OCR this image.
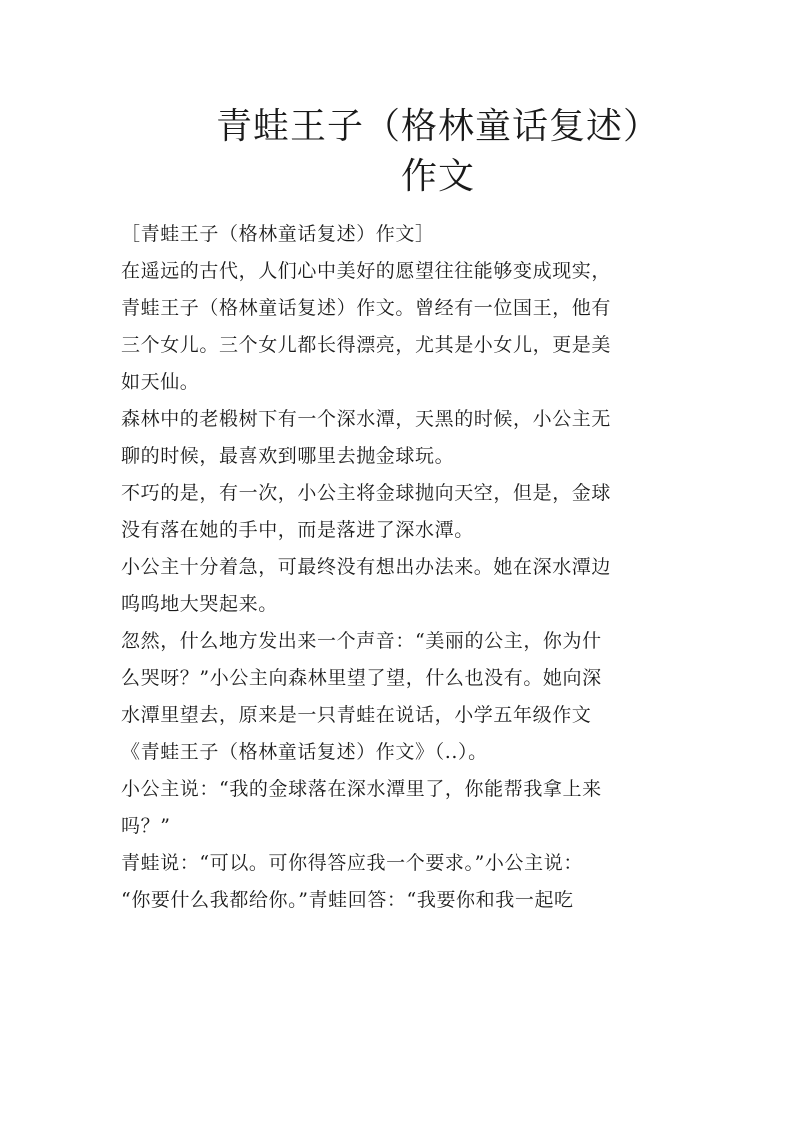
青蛙王子（格林童话复述）
作文
［青蛙王子（格林童话复述）作文］
在遥远的古代，人们心中美好的愿望往往能够变成现实，
青蛙王子（格林童话复述）作文。曾经有一位国王，他有
三个女儿。三个女儿都长得漂亮，尤其是小女儿，更是美
如天仙。
森林中的老椴树下有一个深水潭，天黑的时候，小公主无
聊的时候，最喜欢到哪里去抛金球玩。
不巧的是，有一次，小公主将金球抛向天空，但是，金球
没有落在她的手中，而是落进了深水潭。
小公主十分着急，可最终没有想出办法来。她在深水潭边
呜呜地大哭起来。
忽然，什么地方发出来一个声音：“美丽的公主，你为什
么哭呀？”小公主向森林里望了望，什么也没有。她向深
水潭里望去，原来是一只青蛙在说话，小学五年级作文
《青蛙王子（格林童话复述）作文》（..）。
小公主说：“我的金球落在深水潭里了，你能帮我拿上来
吗？”
青蛙说：“可以。可你得答应我一个要求。”小公主说：
“你要什么我都给你。”青蛙回答：“我要你和我一起吃
